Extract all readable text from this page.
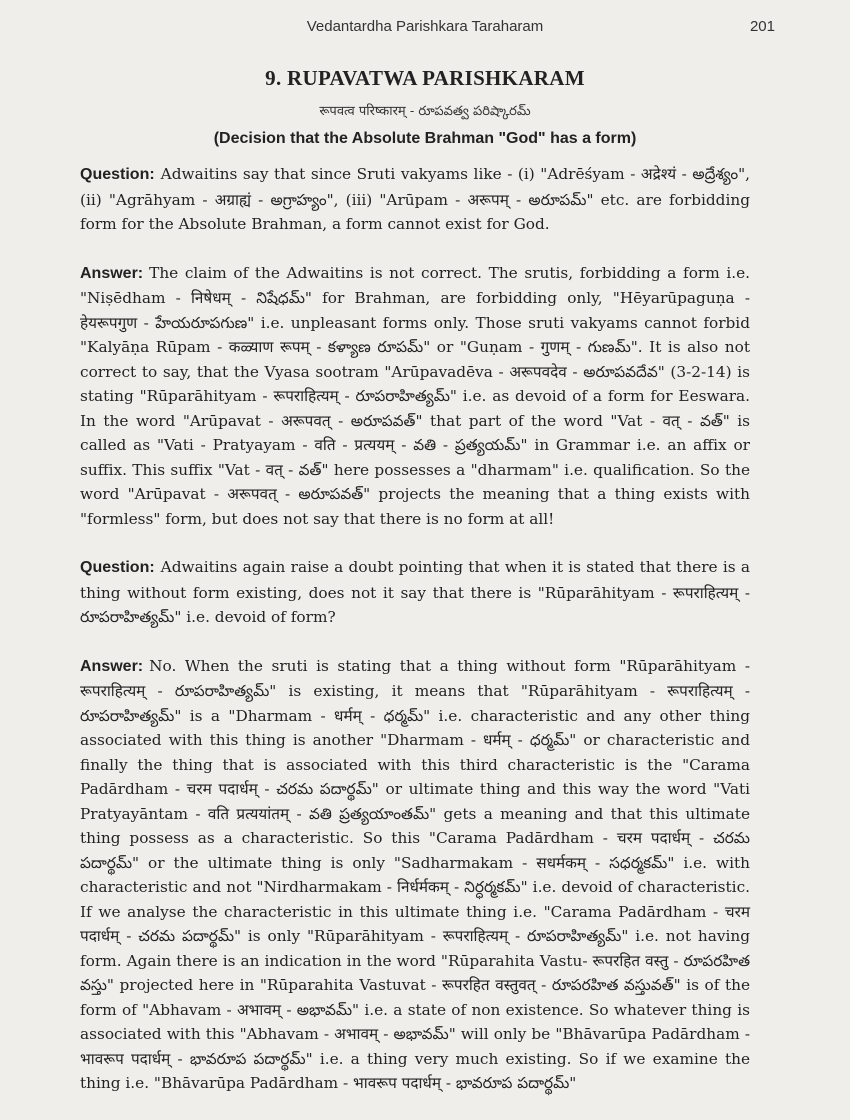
Vedantardha Parishkara Taraharam	201
9. RUPAVATWA PARISHKARAM
रूपवत्व परिष्कारम् - రూపవత్వ పరిష్కారమ్
(Decision that the Absolute Brahman "God" has a form)

Question: Adwaitins say that since Sruti vakyams like - (i) "Adrēśyam - अद्रेश्यं - అద్రేశ్యం", (ii) "Agrāhyam - अग्राह्यं - అగ్రాహ్యం", (iii) "Arūpam - अरूपम् - అరూపమ్" etc. are forbidding form for the Absolute Brahman, a form cannot exist for God.

Answer: The claim of the Adwaitins is not correct. The srutis, forbidding a form i.e. "Niṣēdham - निषेधम् - నిషేధమ్" for Brahman, are forbidding only, "Hēyarūpaguṇa - हेयरूपगुण - హేయరూపగుణ" i.e. unpleasant forms only. Those sruti vakyams cannot forbid "Kalyāṇa Rūpam - कळ्याण रूपम् - కళ్యాణ రూపమ్" or "Guṇam - गुणम् - గుణమ్". It is also not correct to say, that the Vyasa sootram "Arūpavadēva - अरूपवदेव - అరూపవదేవ" (3-2-14) is stating "Rūparāhityam - रूपराहित्यम् - రూపరాహిత్యమ్" i.e. as devoid of a form for Eeswara. In the word "Arūpavat - अरूपवत् - అరూపవత్" that part of the word "Vat - वत् - వత్" is called as "Vati - Pratyayam - वति - प्रत्ययम् - వతి - ప్రత్యయమ్" in Grammar i.e. an affix or suffix. This suffix "Vat - वत् - వత్" here possesses a "dharmam" i.e. qualification. So the word "Arūpavat - अरूपवत् - అరూపవత్" projects the meaning that a thing exists with "formless" form, but does not say that there is no form at all!

Question: Adwaitins again raise a doubt pointing that when it is stated that there is a thing without form existing, does not it say that there is "Rūparāhityam - रूपराहित्यम् - రూపరాహిత్యమ్" i.e. devoid of form?

Answer: No. When the sruti is stating that a thing without form "Rūparāhityam - रूपराहित्यम् - రూపరాహిత్యమ్" is existing, it means that "Rūparāhityam - रूपराहित्यम् - రూపరాహిత్యమ్" is a "Dharmam - धर्मम् - ధర్మమ్" i.e. characteristic and any other thing associated with this thing is another "Dharmam - धर्मम् - ధర్మమ్" or characteristic and finally the thing that is associated with this third characteristic is the "Carama Padārdham - चरम पदार्धम् - చరమ పదార్థమ్" or ultimate thing and this way the word "Vati Pratyayāntam - वति प्रत्ययांतम् - వతి ప్రత్యయాంతమ్" gets a meaning and that this ultimate thing possess as a characteristic. So this "Carama Padārdham - चरम पदार्धम् - చరమ పదార్థమ్" or the ultimate thing is only "Sadharmakam - सधर्मकम् - సధర్మకమ్" i.e. with characteristic and not "Nirdharmakam - निर्धर्मकम् - నిర్ధర్మకమ్" i.e. devoid of characteristic. If we analyse the characteristic in this ultimate thing i.e. "Carama Padārdham - चरम पदार्धम् - చరమ పదార్థమ్" is only "Rūparāhityam - रूपराहित्यम् - రూపరాహిత్యమ్" i.e. not having form. Again there is an indication in the word "Rūparahita Vastu- रूपरहित वस्तु - రూపరహిత వస్తు" projected here in "Rūparahita Vastuvat - रूपरहित वस्तुवत् - రూపరహిత వస్తువత్" is of the form of "Abhavam - अभावम् - అభావమ్" i.e. a state of non existence. So whatever thing is associated with this "Abhavam - अभावम् - అభావమ్" will only be "Bhāvarūpa Padārdham - भावरूप पदार्धम् - భావరూప పదార్థమ్" i.e. a thing very much existing. So if we examine the thing i.e. "Bhāvarūpa Padārdham - भावरूप पदार्धम् - భావరూప పదార్థమ్"
